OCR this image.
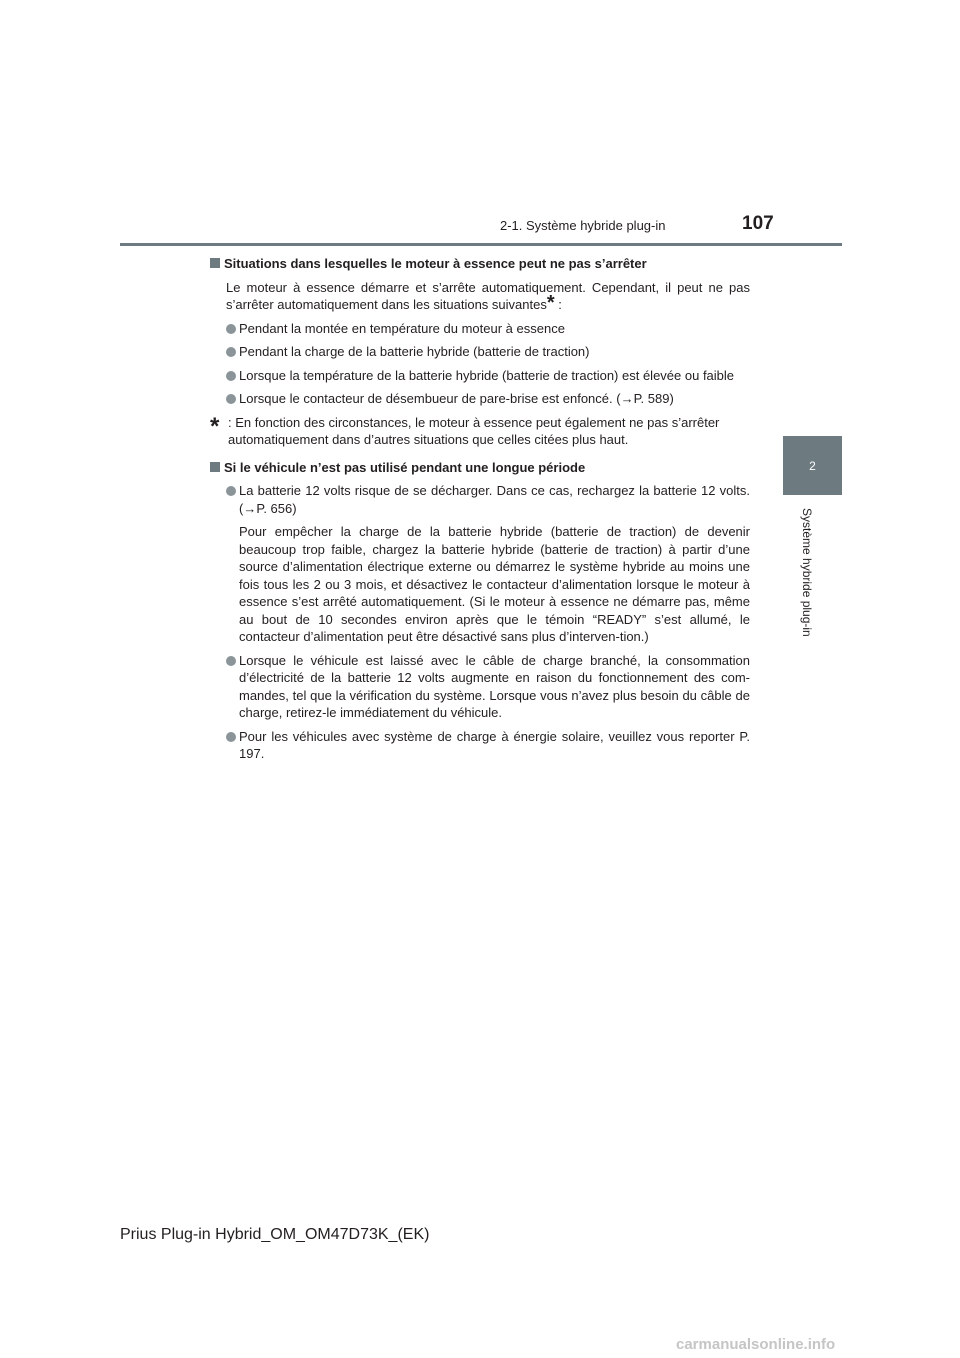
2-1. Système hybride plug-in	107
2
Système hybride plug-in
Situations dans lesquelles le moteur à essence peut ne pas s’arrêter
Le moteur à essence démarre et s’arrête automatiquement. Cependant, il peut ne pas s’arrêter automatiquement dans les situations suivantes* :
Pendant la montée en température du moteur à essence
Pendant la charge de la batterie hybride (batterie de traction)
Lorsque la température de la batterie hybride (batterie de traction) est élevée ou faible
Lorsque le contacteur de désembueur de pare-brise est enfoncé. (→P. 589)
* : En fonction des circonstances, le moteur à essence peut également ne pas s’arrêter automatiquement dans d’autres situations que celles citées plus haut.
Si le véhicule n’est pas utilisé pendant une longue période
La batterie 12 volts risque de se décharger. Dans ce cas, rechargez la batterie 12 volts. (→P. 656)
Pour empêcher la charge de la batterie hybride (batterie de traction) de devenir beaucoup trop faible, chargez la batterie hybride (batterie de traction) à partir d’une source d’alimentation électrique externe ou démarrez le système hybride au moins une fois tous les 2 ou 3 mois, et désactivez le contacteur d’alimentation lorsque le moteur à essence s’est arrêté automatiquement. (Si le moteur à essence ne démarre pas, même au bout de 10 secondes environ après que le témoin “READY” s’est allumé, le contacteur d’alimentation peut être désactivé sans plus d’interven-tion.)
Lorsque le véhicule est laissé avec le câble de charge branché, la consommation d’électricité de la batterie 12 volts augmente en raison du fonctionnement des com-mandes, tel que la vérification du système. Lorsque vous n’avez plus besoin du câble de charge, retirez-le immédiatement du véhicule.
Pour les véhicules avec système de charge à énergie solaire, veuillez vous reporter P. 197.
Prius Plug-in Hybrid_OM_OM47D73K_(EK)
carmanualsonline.info
